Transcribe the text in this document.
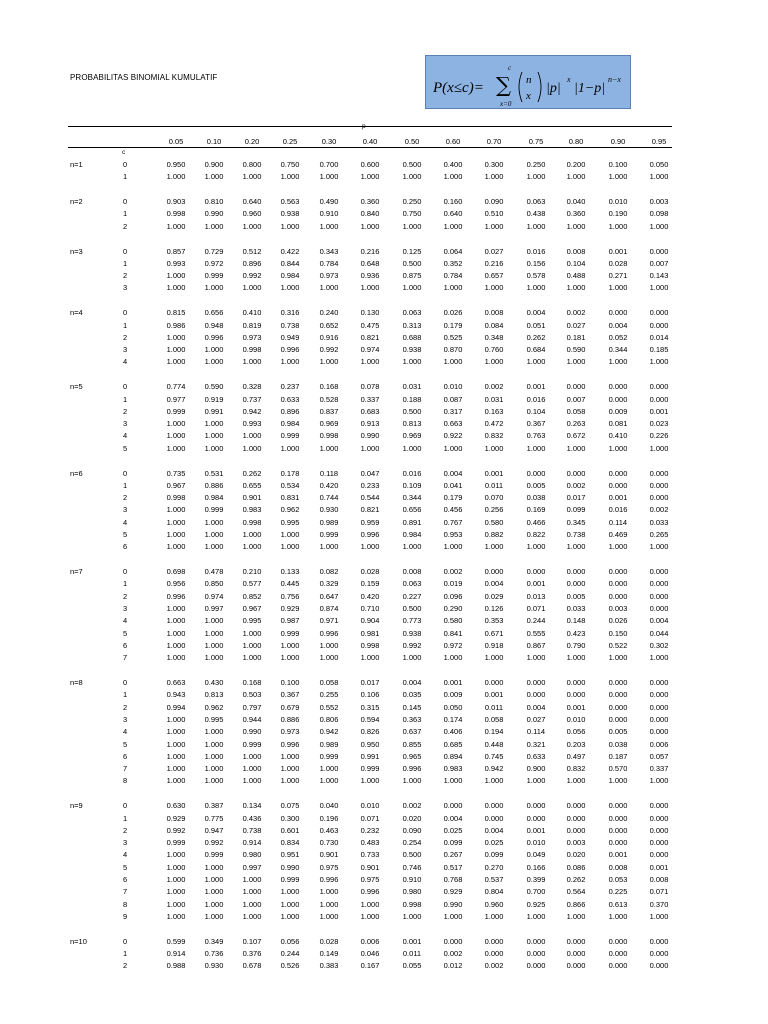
PROBABILITAS BINOMIAL KUMULATIF
P(x≤c)=
c
∑
x=0
n
x |p|
x
|1−p|
n−x
p
0.05	0.10	0.20	0.25	0.30	0.40	0.50	0.60	0.70	0.75	0.80	0.90	0.95
c
n=1	0	0.950	0.900	0.800	0.750	0.700	0.600	0.500	0.400	0.300	0.250	0.200	0.100	0.050
1	1.000	1.000	1.000	1.000	1.000	1.000	1.000	1.000	1.000	1.000	1.000	1.000	1.000
n=2	0	0.903	0.810	0.640	0.563	0.490	0.360	0.250	0.160	0.090	0.063	0.040	0.010	0.003
1	0.998	0.990	0.960	0.938	0.910	0.840	0.750	0.640	0.510	0.438	0.360	0.190	0.098
2	1.000	1.000	1.000	1.000	1.000	1.000	1.000	1.000	1.000	1.000	1.000	1.000	1.000
n=3	0	0.857	0.729	0.512	0.422	0.343	0.216	0.125	0.064	0.027	0.016	0.008	0.001	0.000
1	0.993	0.972	0.896	0.844	0.784	0.648	0.500	0.352	0.216	0.156	0.104	0.028	0.007
2	1.000	0.999	0.992	0.984	0.973	0.936	0.875	0.784	0.657	0.578	0.488	0.271	0.143
3	1.000	1.000	1.000	1.000	1.000	1.000	1.000	1.000	1.000	1.000	1.000	1.000	1.000
n=4	0	0.815	0.656	0.410	0.316	0.240	0.130	0.063	0.026	0.008	0.004	0.002	0.000	0.000
1	0.986	0.948	0.819	0.738	0.652	0.475	0.313	0.179	0.084	0.051	0.027	0.004	0.000
2	1.000	0.996	0.973	0.949	0.916	0.821	0.688	0.525	0.348	0.262	0.181	0.052	0.014
3	1.000	1.000	0.998	0.996	0.992	0.974	0.938	0.870	0.760	0.684	0.590	0.344	0.185
4	1.000	1.000	1.000	1.000	1.000	1.000	1.000	1.000	1.000	1.000	1.000	1.000	1.000
n=5	0	0.774	0.590	0.328	0.237	0.168	0.078	0.031	0.010	0.002	0.001	0.000	0.000	0.000
1	0.977	0.919	0.737	0.633	0.528	0.337	0.188	0.087	0.031	0.016	0.007	0.000	0.000
2	0.999	0.991	0.942	0.896	0.837	0.683	0.500	0.317	0.163	0.104	0.058	0.009	0.001
3	1.000	1.000	0.993	0.984	0.969	0.913	0.813	0.663	0.472	0.367	0.263	0.081	0.023
4	1.000	1.000	1.000	0.999	0.998	0.990	0.969	0.922	0.832	0.763	0.672	0.410	0.226
5	1.000	1.000	1.000	1.000	1.000	1.000	1.000	1.000	1.000	1.000	1.000	1.000	1.000
n=6	0	0.735	0.531	0.262	0.178	0.118	0.047	0.016	0.004	0.001	0.000	0.000	0.000	0.000
1	0.967	0.886	0.655	0.534	0.420	0.233	0.109	0.041	0.011	0.005	0.002	0.000	0.000
2	0.998	0.984	0.901	0.831	0.744	0.544	0.344	0.179	0.070	0.038	0.017	0.001	0.000
3	1.000	0.999	0.983	0.962	0.930	0.821	0.656	0.456	0.256	0.169	0.099	0.016	0.002
4	1.000	1.000	0.998	0.995	0.989	0.959	0.891	0.767	0.580	0.466	0.345	0.114	0.033
5	1.000	1.000	1.000	1.000	0.999	0.996	0.984	0.953	0.882	0.822	0.738	0.469	0.265
6	1.000	1.000	1.000	1.000	1.000	1.000	1.000	1.000	1.000	1.000	1.000	1.000	1.000
n=7	0	0.698	0.478	0.210	0.133	0.082	0.028	0.008	0.002	0.000	0.000	0.000	0.000	0.000
1	0.956	0.850	0.577	0.445	0.329	0.159	0.063	0.019	0.004	0.001	0.000	0.000	0.000
2	0.996	0.974	0.852	0.756	0.647	0.420	0.227	0.096	0.029	0.013	0.005	0.000	0.000
3	1.000	0.997	0.967	0.929	0.874	0.710	0.500	0.290	0.126	0.071	0.033	0.003	0.000
4	1.000	1.000	0.995	0.987	0.971	0.904	0.773	0.580	0.353	0.244	0.148	0.026	0.004
5	1.000	1.000	1.000	0.999	0.996	0.981	0.938	0.841	0.671	0.555	0.423	0.150	0.044
6	1.000	1.000	1.000	1.000	1.000	0.998	0.992	0.972	0.918	0.867	0.790	0.522	0.302
7	1.000	1.000	1.000	1.000	1.000	1.000	1.000	1.000	1.000	1.000	1.000	1.000	1.000
n=8	0	0.663	0.430	0.168	0.100	0.058	0.017	0.004	0.001	0.000	0.000	0.000	0.000	0.000
1	0.943	0.813	0.503	0.367	0.255	0.106	0.035	0.009	0.001	0.000	0.000	0.000	0.000
2	0.994	0.962	0.797	0.679	0.552	0.315	0.145	0.050	0.011	0.004	0.001	0.000	0.000
3	1.000	0.995	0.944	0.886	0.806	0.594	0.363	0.174	0.058	0.027	0.010	0.000	0.000
4	1.000	1.000	0.990	0.973	0.942	0.826	0.637	0.406	0.194	0.114	0.056	0.005	0.000
5	1.000	1.000	0.999	0.996	0.989	0.950	0.855	0.685	0.448	0.321	0.203	0.038	0.006
6	1.000	1.000	1.000	1.000	0.999	0.991	0.965	0.894	0.745	0.633	0.497	0.187	0.057
7	1.000	1.000	1.000	1.000	1.000	0.999	0.996	0.983	0.942	0.900	0.832	0.570	0.337
8	1.000	1.000	1.000	1.000	1.000	1.000	1.000	1.000	1.000	1.000	1.000	1.000	1.000
n=9	0	0.630	0.387	0.134	0.075	0.040	0.010	0.002	0.000	0.000	0.000	0.000	0.000	0.000
1	0.929	0.775	0.436	0.300	0.196	0.071	0.020	0.004	0.000	0.000	0.000	0.000	0.000
2	0.992	0.947	0.738	0.601	0.463	0.232	0.090	0.025	0.004	0.001	0.000	0.000	0.000
3	0.999	0.992	0.914	0.834	0.730	0.483	0.254	0.099	0.025	0.010	0.003	0.000	0.000
4	1.000	0.999	0.980	0.951	0.901	0.733	0.500	0.267	0.099	0.049	0.020	0.001	0.000
5	1.000	1.000	0.997	0.990	0.975	0.901	0.746	0.517	0.270	0.166	0.086	0.008	0.001
6	1.000	1.000	1.000	0.999	0.996	0.975	0.910	0.768	0.537	0.399	0.262	0.053	0.008
7	1.000	1.000	1.000	1.000	1.000	0.996	0.980	0.929	0.804	0.700	0.564	0.225	0.071
8	1.000	1.000	1.000	1.000	1.000	1.000	0.998	0.990	0.960	0.925	0.866	0.613	0.370
9	1.000	1.000	1.000	1.000	1.000	1.000	1.000	1.000	1.000	1.000	1.000	1.000	1.000
n=10	0	0.599	0.349	0.107	0.056	0.028	0.006	0.001	0.000	0.000	0.000	0.000	0.000	0.000
1	0.914	0.736	0.376	0.244	0.149	0.046	0.011	0.002	0.000	0.000	0.000	0.000	0.000
2	0.988	0.930	0.678	0.526	0.383	0.167	0.055	0.012	0.002	0.000	0.000	0.000	0.000
